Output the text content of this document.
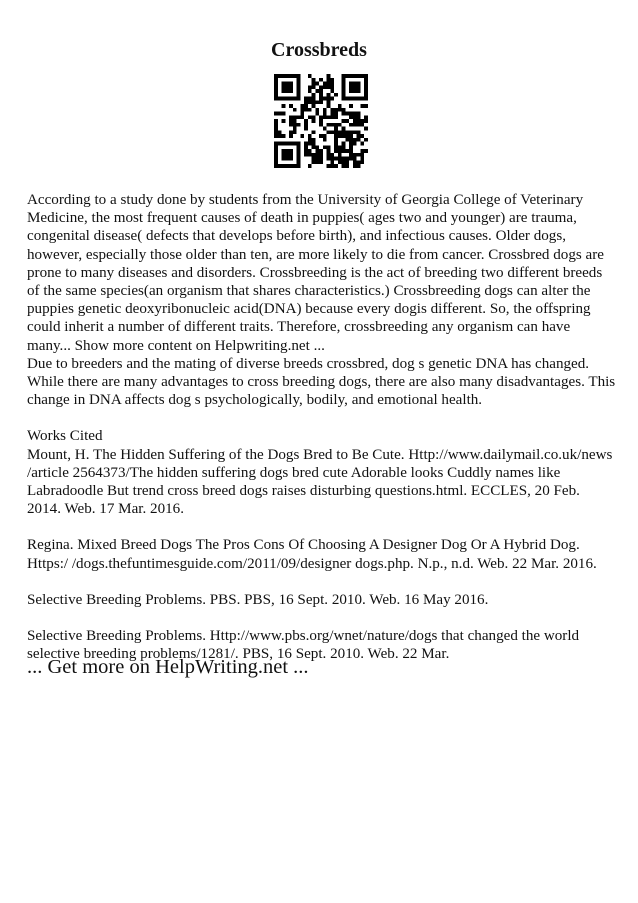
Crossbreds

According to a study done by students from the University of Georgia College of Veterinary Medicine, the most frequent causes of death in puppies( ages two and younger) are trauma, congenital disease( defects that develops before birth), and infectious causes. Older dogs, however, especially those older than ten, are more likely to die from cancer. Crossbred dogs are prone to many diseases and disorders. Crossbreeding is the act of breeding two different breeds of the same species(an organism that shares characteristics.) Crossbreeding dogs can alter the puppies genetic deoxyribonucleic acid(DNA) because every dogis different. So, the offspring could inherit a number of different traits. Therefore, crossbreeding any organism can have many... Show more content on Helpwriting.net ...

Due to breeders and the mating of diverse breeds crossbred, dog s genetic DNA has changed. While there are many advantages to cross breeding dogs, there are also many disadvantages. This change in DNA affects dog s psychologically, bodily, and emotional health.

Works Cited

Mount, H. The Hidden Suffering of the Dogs Bred to Be Cute. Http://www.dailymail.co.uk/news /article 2564373/The hidden suffering dogs bred cute Adorable looks Cuddly names like Labradoodle But trend cross breed dogs raises disturbing questions.html. ECCLES, 20 Feb. 2014. Web. 17 Mar. 2016.

Regina. Mixed Breed Dogs The Pros Cons Of Choosing A Designer Dog Or A Hybrid Dog. Https:/ /dogs.thefuntimesguide.com/2011/09/designer dogs.php. N.p., n.d. Web. 22 Mar. 2016.

Selective Breeding Problems. PBS. PBS, 16 Sept. 2010. Web. 16 May 2016.

Selective Breeding Problems. Http://www.pbs.org/wnet/nature/dogs that changed the world selective breeding problems/1281/. PBS, 16 Sept. 2010. Web. 22 Mar.

... Get more on HelpWriting.net ...
